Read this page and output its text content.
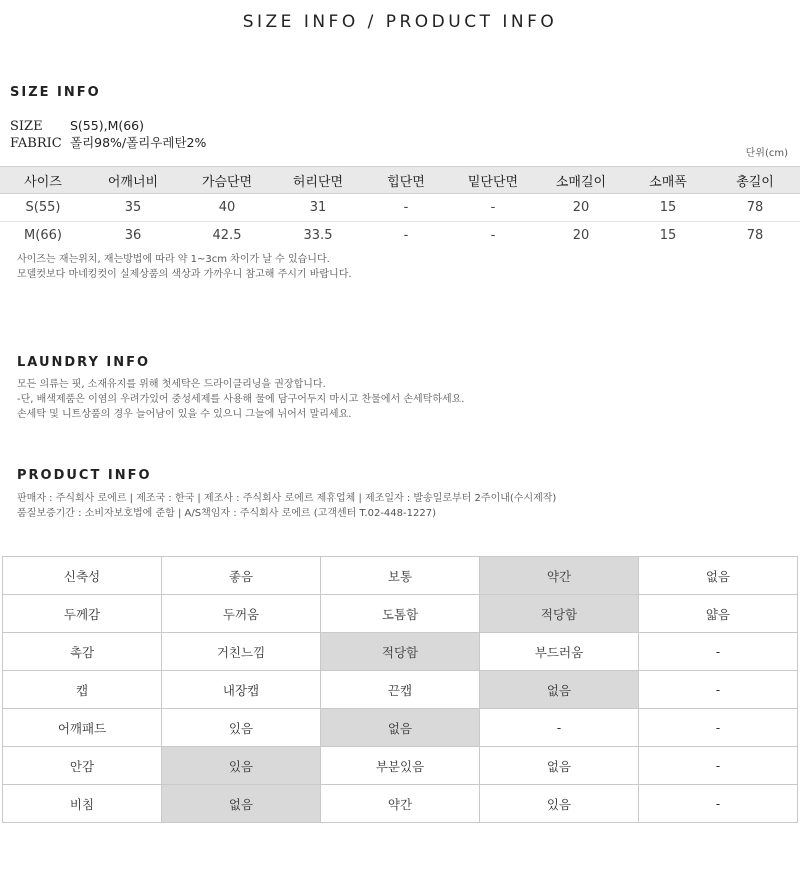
SIZE INFO / PRODUCT INFO
SIZE INFO
SIZE S(55),M(66)
FABRIC 폴리98%/폴리우레탄2%
단위(cm)
사이즈	어깨너비	가슴단면	허리단면	힙단면	밑단단면	소매길이	소매폭	총길이
S(55)	35	40	31	-	-	20	15	78
M(66)	36	42.5	33.5	-	-	20	15	78
사이즈는 재는위치, 재는방법에 따라 약 1~3cm 차이가 날 수 있습니다.
모델컷보다 마네킹컷이 실제상품의 색상과 가까우니 참고해 주시기 바랍니다.
LAUNDRY INFO
모든 의류는 핏, 소재유지를 위해 첫세탁은 드라이클리닝을 권장합니다.
-단, 배색제품은 이염의 우려가있어 중성세제를 사용해 물에 담구어두지 마시고 찬물에서 손세탁하세요.
손세탁 및 니트상품의 경우 늘어남이 있을 수 있으니 그늘에 뉘어서 말리세요.
PRODUCT INFO
판매자 : 주식회사 로에르 | 제조국 : 한국 | 제조사 : 주식회사 로에르 제휴업체 | 제조일자 : 발송일로부터 2주이내(수시제작)
품질보증기간 : 소비자보호법에 준함 | A/S책임자 : 주식회사 로에르 (고객센터 T.02-448-1227)
신축성	좋음	보통	약간	없음
두께감	두꺼움	도톰함	적당함	얇음
촉감	거친느낌	적당함	부드러움	-
캡	내장캡	끈캡	없음	-
어깨패드	있음	없음	-	-
안감	있음	부분있음	없음	-
비침	없음	약간	있음	-
